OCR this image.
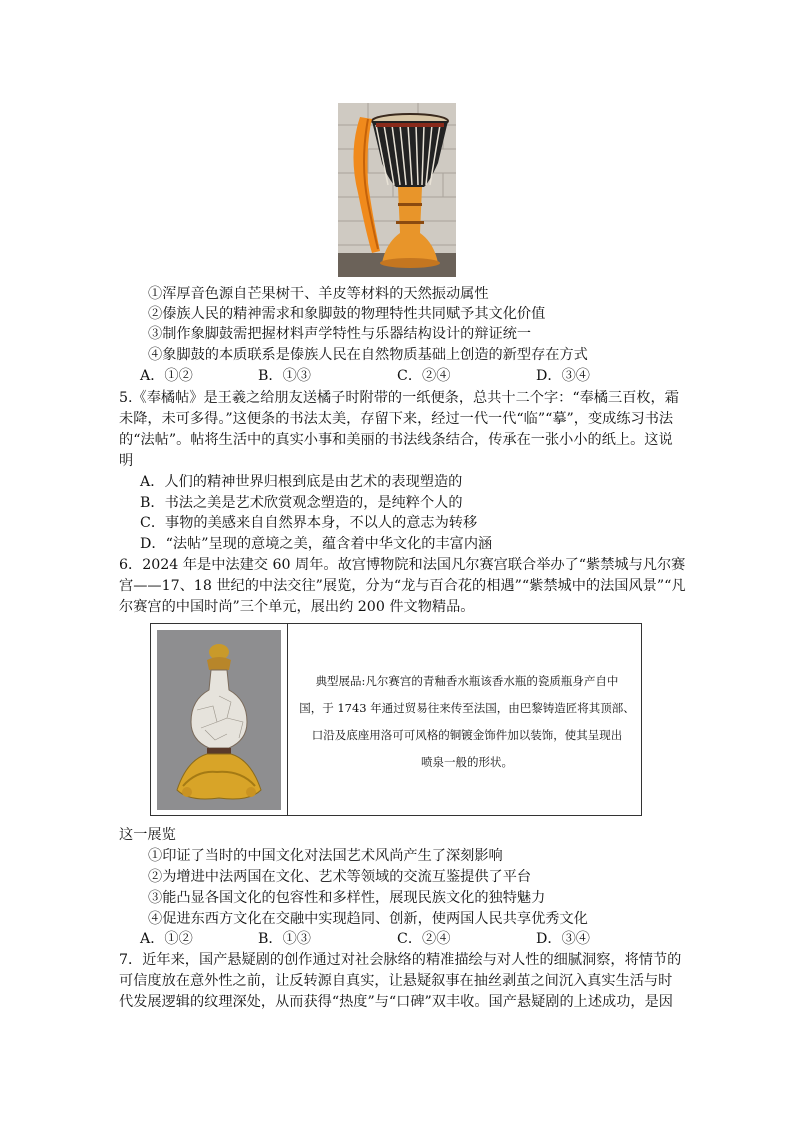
①浑厚音色源自芒果树干、羊皮等材料的天然振动属性
②傣族人民的精神需求和象脚鼓的物理特性共同赋予其文化价值
③制作象脚鼓需把握材料声学特性与乐器结构设计的辩证统一
④象脚鼓的本质联系是傣族人民在自然物质基础上创造的新型存在方式
A．①②	B．①③	C．②④	D．③④
5.《奉橘帖》是王羲之给朋友送橘子时附带的一纸便条，总共十二个字：“奉橘三百枚，霜
未降，未可多得。”这便条的书法太美，存留下来，经过一代一代“临”“摹”，变成练习书法
的“法帖”。帖将生活中的真实小事和美丽的书法线条结合，传承在一张小小的纸上。这说
明
A．人们的精神世界归根到底是由艺术的表现塑造的
B．书法之美是艺术欣赏观念塑造的，是纯粹个人的
C．事物的美感来自自然界本身，不以人的意志为转移
D．“法帖”呈现的意境之美，蕴含着中华文化的丰富内涵
6．2024 年是中法建交 60 周年。故宫博物院和法国凡尔赛宫联合举办了“紫禁城与凡尔赛
宫——17、18 世纪的中法交往”展览，分为“龙与百合花的相遇”“紫禁城中的法国风景”“凡
尔赛宫的中国时尚”三个单元，展出约 200 件文物精品。
典型展品:凡尔赛宫的青釉香水瓶该香水瓶的瓷质瓶身产自中
国，于 1743 年通过贸易往来传至法国，由巴黎铸造匠将其顶部、
口沿及底座用洛可可风格的铜镀金饰件加以装饰，使其呈现出
喷泉一般的形状。
这一展览
①印证了当时的中国文化对法国艺术风尚产生了深刻影响
②为增进中法两国在文化、艺术等领域的交流互鉴提供了平台
③能凸显各国文化的包容性和多样性，展现民族文化的独特魅力
④促进东西方文化在交融中实现趋同、创新，使两国人民共享优秀文化
A．①②	B．①③	C．②④	D．③④
7．近年来，国产悬疑剧的创作通过对社会脉络的精准描绘与对人性的细腻洞察，将情节的
可信度放在意外性之前，让反转源自真实，让悬疑叙事在抽丝剥茧之间沉入真实生活与时
代发展逻辑的纹理深处，从而获得“热度”与“口碑”双丰收。国产悬疑剧的上述成功，是因
